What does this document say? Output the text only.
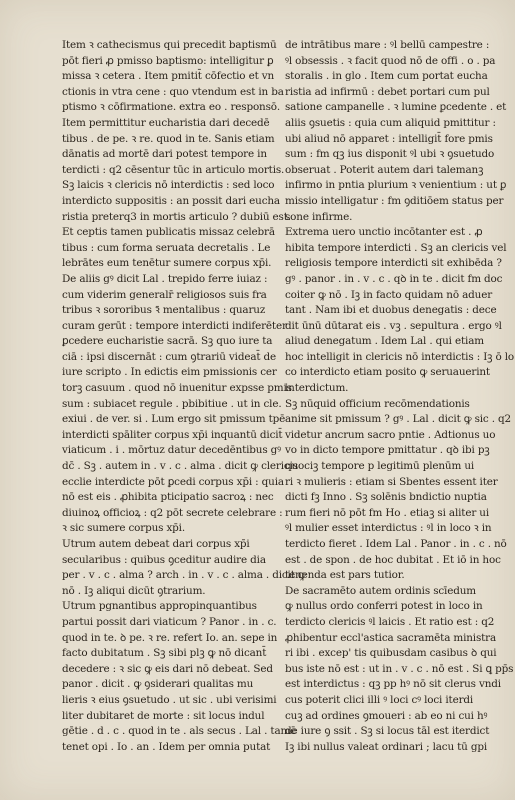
Item ꝛ cathecismus qui precedit baptismū
pōt fieri ꝓ pmisso baptismo: intelligitur ꝑ
missa ꝛ cetera . Item pmitit̄ cōfectio et vn
ctionis in vtra cene : quo vtendum est in ba
ptismo ꝛ cōfirmatione. extra eo . responsō.
Item permittitur eucharistia dari decedē
tibus . de pe. ꝛ re. quod in te. Sanis etiam
dānatis ad mortē dari potest tempore in
terdicti : q2 cēsentur tūc in articulo mortis.
Sꝫ laicis ꝛ clericis nō interdictis : sed loco
interdicto suppositis : an possit dari eucha
ristia preterq3 in mortis articulo ? dubiū est.
Et ceptis tamen publicatis missaz celebrā
tibus : cum forma seruata decretalis . Le
lebrātes eum tenētur sumere corpus xp̄i.
De aliis gꝰ dicit Lal . trepido ferre iuiaz :
cum viderim generalr̄ religiosos suis fra
tribus ꝛ sororibus ꝛ̄ mentalibus : quaruz
curam gerūt : tempore interdicti indiferēter
ꝑcedere eucharistie sacrā. Sꝫ quo iure ta
ciā : ipsi discernāt : cum ꝯtrariū videat̄ de
iure scripto . In edictis eim pmissionis cer
torꝫ casuum . quod nō inuenitur expsse pmis
sum : subiacet regule . pbibitiue . ut in cle.
exiui . de ver. si . Lum ergo sit pmissum tpē
interdicti spāliter corpus xp̄i inquantū dicit̄
viaticum . i . mōrtuz datur decedēntibus gꝰ
dc̄ . Sꝫ . autem in . v . c . alma . dicit ꝙ clericis
ecclie interdicte pōt ꝑcedi corpus xp̄i : quia
nō est eis . ꝓhibita pticipatio sacroꝝ : nec
diuinoꝝ officioꝝ : q2 pōt secrete celebrare :
ꝛ sic sumere corpus xp̄i.
Utrum autem debeat dari corpus xp̄i
secularibus : quibus ꝯceditur audire dia
per . v . c . alma ? arch . in . v . c . alma . dicit ꝙ
nō . Iꝫ aliqui dicūt ꝯtrarium.
Utrum pgnantibus appropinquantibus
partui possit dari viaticum ? Panor . in . c.
quod in te. ꝺ pe. ꝛ re. refert Io. an. sepe in
facto dubitatum . Sꝫ sibi plꝫ ꝙ nō dicant̄
decedere : ꝛ sic ꝙ eis dari nō debeat. Sed
panor . dicit . ꝙ ꝯsiderari qualitas mu
lieris ꝛ eius ꝯsuetudo . ut sic . ubi verisimi
liter dubitaret de morte : sit locus indul
gētie . d . c . quod in te . als secus . Lal . tamē
tenet opi . Io . an . Idem per omnia putat
de intrātibus mare : ꝰl bellū campestre :
ꝰl obsessis . ꝛ facit quod nō de offi . o . pa
storalis . in glo . Item cum portat eucha
ristia ad infirmū : debet portari cum pul
satione campanelle . ꝛ lumine ꝑcedente . et
aliis ꝯsuetis : quia cum aliquid pmittitur :
ubi aliud nō apparet : intelligit̄ fore pmis
sum : fm qꝫ ius disponit ꝰl ubi ꝛ ꝯsuetudo
obseruat . Poterit autem dari talemanꝫ
infirmo in pntia plurium ꝛ venientium : ut ꝑ
missio intelligatur : fm ꝯditiōem status per
sone infirme.
Extrema uero unctio incōtanter est . ꝓ
hibita tempore interdicti . Sꝫ an clericis vel
religiosis tempore interdicti sit exhibēda ?
gꝰ . panor . in . v . c . qꝺ in te . dicit fm doc
coiter ꝙ nō . Iꝫ in facto quidam nō aduer
tant . Nam ibi et duobus denegatis : dece
dit ūnū dūtarat eis . vꝫ . sepultura . ergo ꝰl
aliud denegatum . Idem Lal . qui etiam
hoc intelligit in clericis nō interdictis : Iꝫ ō lo
co interdicto etiam posito ꝙ seruauerint
interdictum.
Sꝫ nūquid officium recōmendationis
anime sit pmissum ? gꝰ . Lal . dicit ꝙ sic . q2
videtur ancrum sacro pntie . Adtionus uo
vo in dicto tempore pmittatur . qꝺ ibi pꝫ
quociꝫ tempore p legitimū plenūm ui
ri ꝛ mulieris : etiam si Sbentes essent iter
dicti fꝫ Inno . Sꝫ solēnis bndictio nuptia
rum fieri nō pōt fm Ho . etiaꝫ si aliter ui
ꝰl mulier esset interdictus : ꝰl in loco ꝛ in
terdicto fieret . Idem Lal . Panor . in . c . nō
est . de spon . de hoc dubitat . Et iō in hoc
tenenda est pars tutior.
De sacramēto autem ordinis scīedum
ꝙ nullus ordo conferri potest in loco in
terdicto clericis ꝰl laicis . Et ratio est : q2
ꝓhibentur eccl'astica sacramēta ministra
ri ibi . excep' tis quibusdam casibus ꝺ qui
bus iste nō est : ut in . v . c . nō est . Si ꝗ pp̄s
est interdictus : qꝫ pp hꝰ nō sit clerus vndi
cus poterit clici illi ꝰ loci cꝰ loci iterdi
cuꝫ ad ordines ꝯmoueri : ab eo ni cui hꝰ
de iure ꝯ ssit . Sꝫ si locus tāl est iterdict
Iꝫ ibi nullus valeat ordinari ; lacu tū gpi
